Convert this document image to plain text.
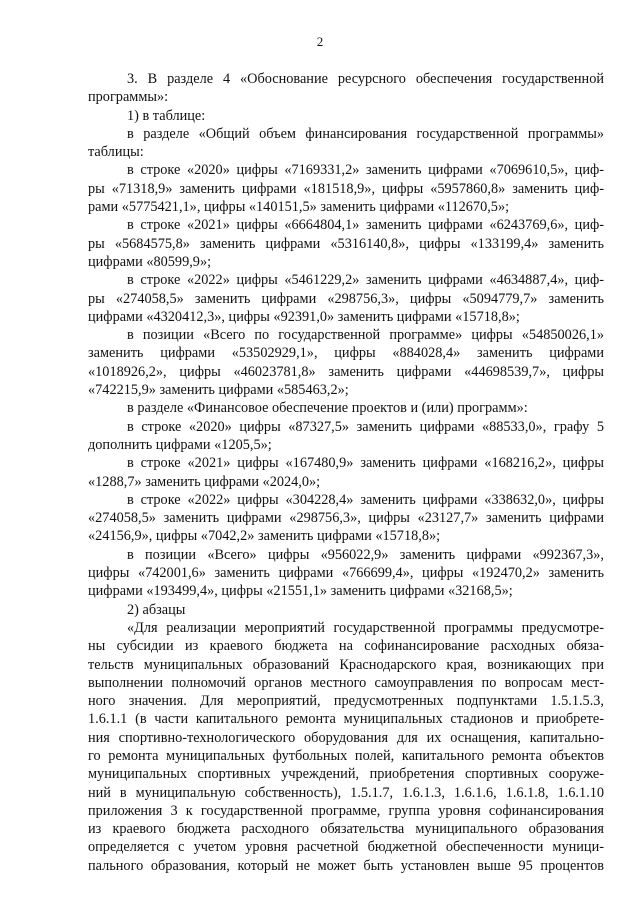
2
3. В разделе 4 «Обоснование ресурсного обеспечения государственной
программы»:
1) в таблице:
в разделе «Общий объем финансирования государственной программы»
таблицы:
в строке «2020» цифры «7169331,2» заменить цифрами «7069610,5», циф-
ры «71318,9» заменить цифрами «181518,9», цифры «5957860,8» заменить циф-
рами «5775421,1», цифры «140151,5» заменить цифрами «112670,5»;
в строке «2021» цифры «6664804,1» заменить цифрами «6243769,6», циф-
ры «5684575,8» заменить цифрами «5316140,8», цифры «133199,4» заменить
цифрами «80599,9»;
в строке «2022» цифры «5461229,2» заменить цифрами «4634887,4», циф-
ры «274058,5» заменить цифрами «298756,3», цифры «5094779,7» заменить
цифрами «4320412,3», цифры «92391,0» заменить цифрами «15718,8»;
в позиции «Всего по государственной программе» цифры «54850026,1»
заменить цифрами «53502929,1», цифры «884028,4» заменить цифрами
«1018926,2», цифры «46023781,8» заменить цифрами «44698539,7», цифры
«742215,9» заменить цифрами «585463,2»;
в разделе «Финансовое обеспечение проектов и (или) программ»:
в строке «2020» цифры «87327,5» заменить цифрами «88533,0», графу 5
дополнить цифрами «1205,5»;
в строке «2021» цифры «167480,9» заменить цифрами «168216,2», цифры
«1288,7» заменить цифрами «2024,0»;
в строке «2022» цифры «304228,4» заменить цифрами «338632,0», цифры
«274058,5» заменить цифрами «298756,3», цифры «23127,7» заменить цифрами
«24156,9», цифры «7042,2» заменить цифрами «15718,8»;
в позиции «Всего» цифры «956022,9» заменить цифрами «992367,3»,
цифры «742001,6» заменить цифрами «766699,4», цифры «192470,2» заменить
цифрами «193499,4», цифры «21551,1» заменить цифрами «32168,5»;
2) абзацы
«Для реализации мероприятий государственной программы предусмотре-
ны субсидии из краевого бюджета на софинансирование расходных обяза-
тельств муниципальных образований Краснодарского края, возникающих при
выполнении полномочий органов местного самоуправления по вопросам мест-
ного значения. Для мероприятий, предусмотренных подпунктами 1.5.1.5.3,
1.6.1.1 (в части капитального ремонта муниципальных стадионов и приобрете-
ния спортивно-технологического оборудования для их оснащения, капитально-
го ремонта муниципальных футбольных полей, капитального ремонта объектов
муниципальных спортивных учреждений, приобретения спортивных сооруже-
ний в муниципальную собственность), 1.5.1.7, 1.6.1.3, 1.6.1.6, 1.6.1.8, 1.6.1.10
приложения 3 к государственной программе, группа уровня софинансирования
из краевого бюджета расходного обязательства муниципального образования
определяется с учетом уровня расчетной бюджетной обеспеченности муници-
пального образования, который не может быть установлен выше 95 процентов
